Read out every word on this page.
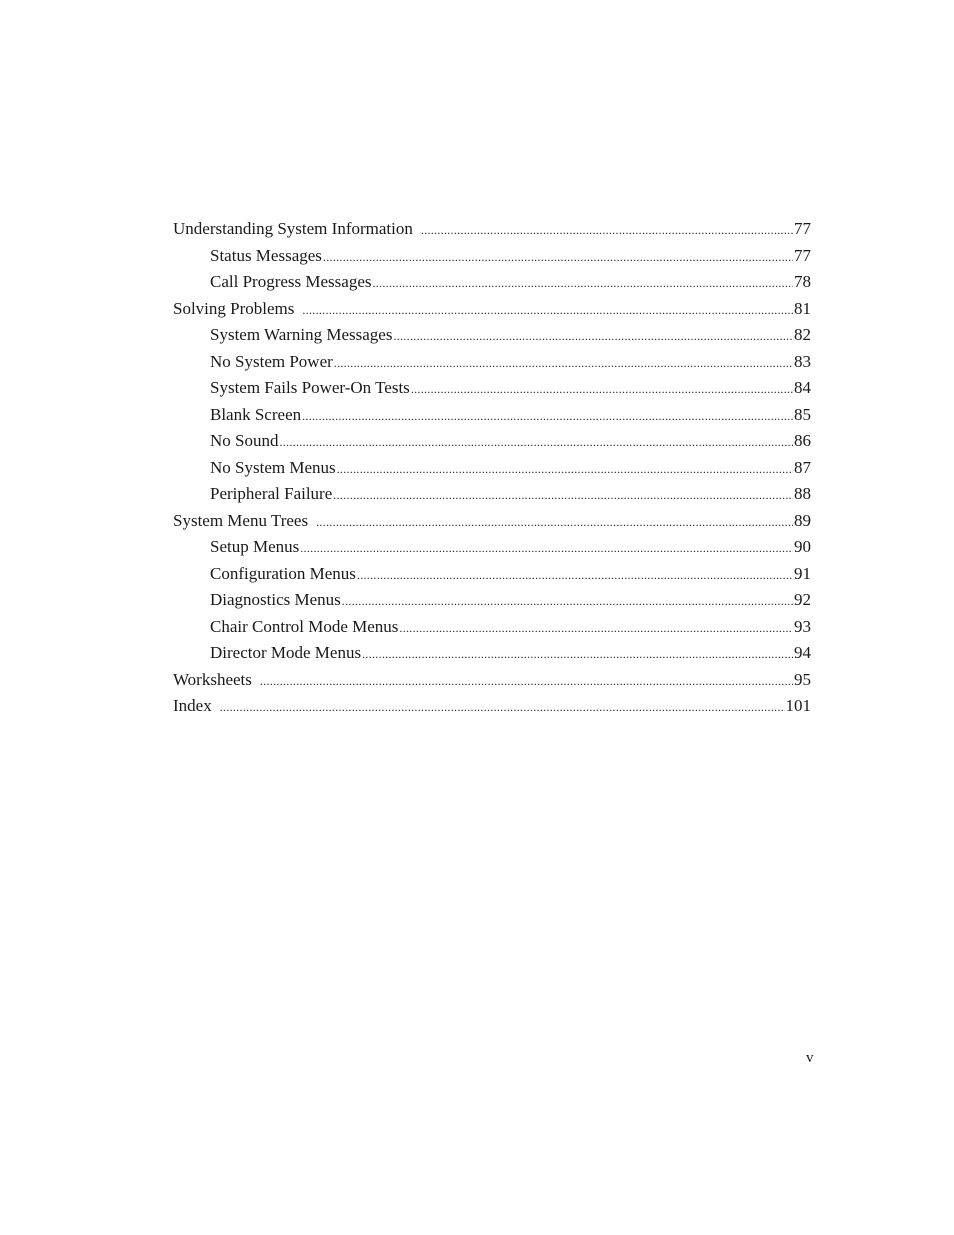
Understanding System Information .....	77
Status Messages .....	77
Call Progress Messages .....	78
Solving Problems .....	81
System Warning Messages .....	82
No System Power .....	83
System Fails Power-On Tests .....	84
Blank Screen .....	85
No Sound .....	86
No System Menus .....	87
Peripheral Failure .....	88
System Menu Trees .....	89
Setup Menus .....	90
Configuration Menus .....	91
Diagnostics Menus .....	92
Chair Control Mode Menus .....	93
Director Mode Menus .....	94
Worksheets .....	95
Index .....	101
v
